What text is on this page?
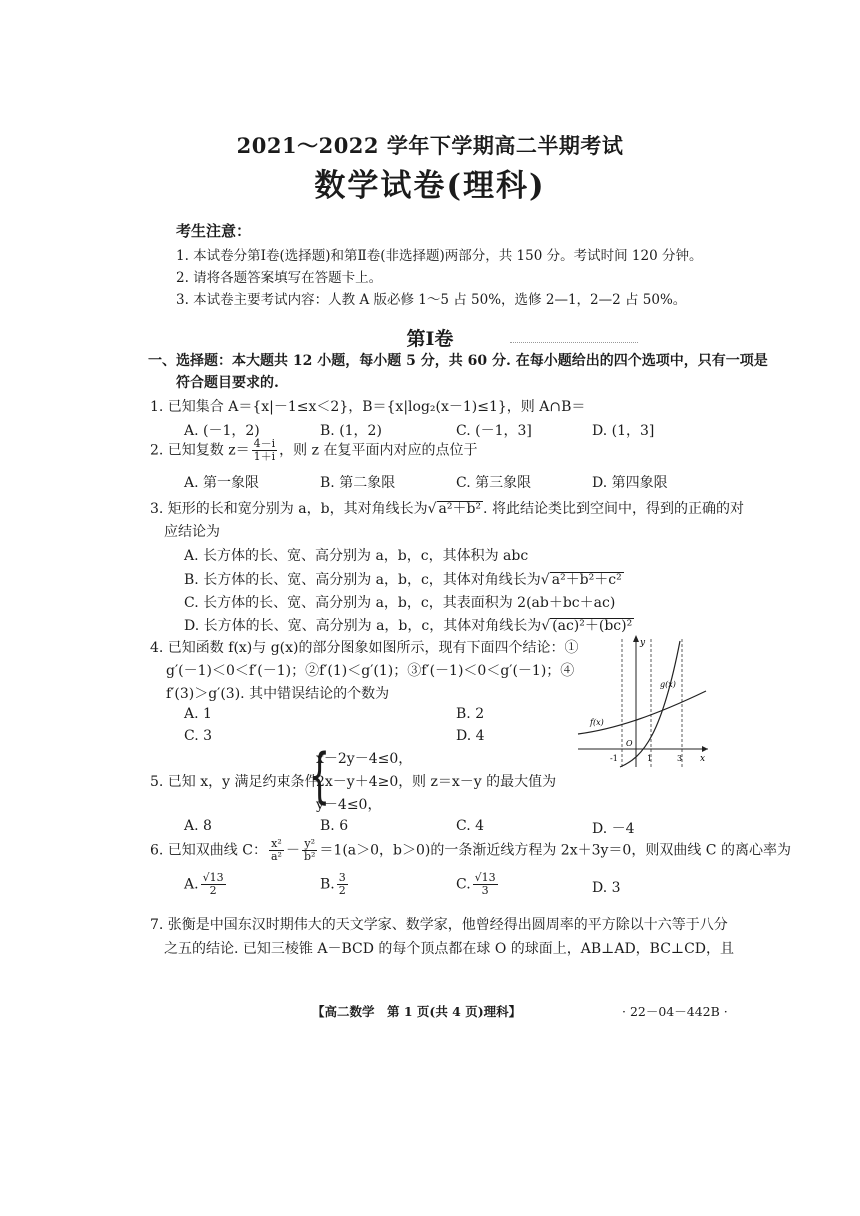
2021～2022 学年下学期高二半期考试
数学试卷(理科)
考生注意：
1. 本试卷分第Ⅰ卷(选择题)和第Ⅱ卷(非选择题)两部分，共 150 分。考试时间 120 分钟。
2. 请将各题答案填写在答题卡上。
3. 本试卷主要考试内容：人教 A 版必修 1～5 占 50%，选修 2—1，2—2 占 50%。
第Ⅰ卷
一、选择题：本大题共 12 小题，每小题 5 分，共 60 分. 在每小题给出的四个选项中，只有一项是
符合题目要求的.
1. 已知集合 A＝{x|－1≤x＜2}，B＝{x|log₂(x－1)≤1}，则 A∩B＝
A. (－1，2)	B. (1，2)	C. (－1，3]	D. (1，3]
2. 已知复数 $z= \frac{4-i}{1+i}$ ，则 z 在复平面内对应的点位于
A. 第一象限	B. 第二象限	C. 第三象限	D. 第四象限
3. 矩形的长和宽分别为 a，b，其对角线长为√ a²＋b² . 将此结论类比到空间中，得到的正确的对
应结论为
A. 长方体的长、宽、高分别为 a，b，c，其体积为 abc
B. 长方体的长、宽、高分别为 a，b，c，其体对角线长为√ a²＋b²＋c²
C. 长方体的长、宽、高分别为 a，b，c，其表面积为 2(ab＋bc＋ac)
D. 长方体的长、宽、高分别为 a，b，c，其体对角线长为√ (ac)²＋(bc)²
4. 已知函数 f(x)与 g(x)的部分图象如图所示，现有下面四个结论：①
g′(－1)＜0＜f′(－1)；②f′(1)＜g′(1)；③f′(－1)＜0＜g′(－1)；④
f′(3)＞g′(3). 其中错误结论的个数为
A. 1	B. 2
C. 3	D. 4
y
x
g(x)
f(x)
O
-1	1	3
5. 已知 x，y 满足约束条件
{
x－2y－4≤0，
2x－y＋4≥0，
y－4≤0，
则 z＝x－y 的最大值为
A. 8	B. 6	C. 4	D. －4
6. 已知双曲线 C： $\frac{\text{x²}}{\text{a²}} - \frac{\text{y²}}{\text{b²}} =1(a>0$，b＞0)的一条渐近线方程为 2x＋3y＝0，则双曲线 C 的离心率为
A. $\frac{√13}{2}$	B. $\frac{3}{2}$	C. $\frac{√13}{3}$	D. 3
7. 张衡是中国东汉时期伟大的天文学家、数学家，他曾经得出圆周率的平方除以十六等于八分
之五的结论. 已知三棱锥 A－BCD 的每个顶点都在球 O 的球面上，AB⊥AD，BC⊥CD，且
【高二数学　第 1 页(共 4 页)理科】	· 22－04－442B ·
